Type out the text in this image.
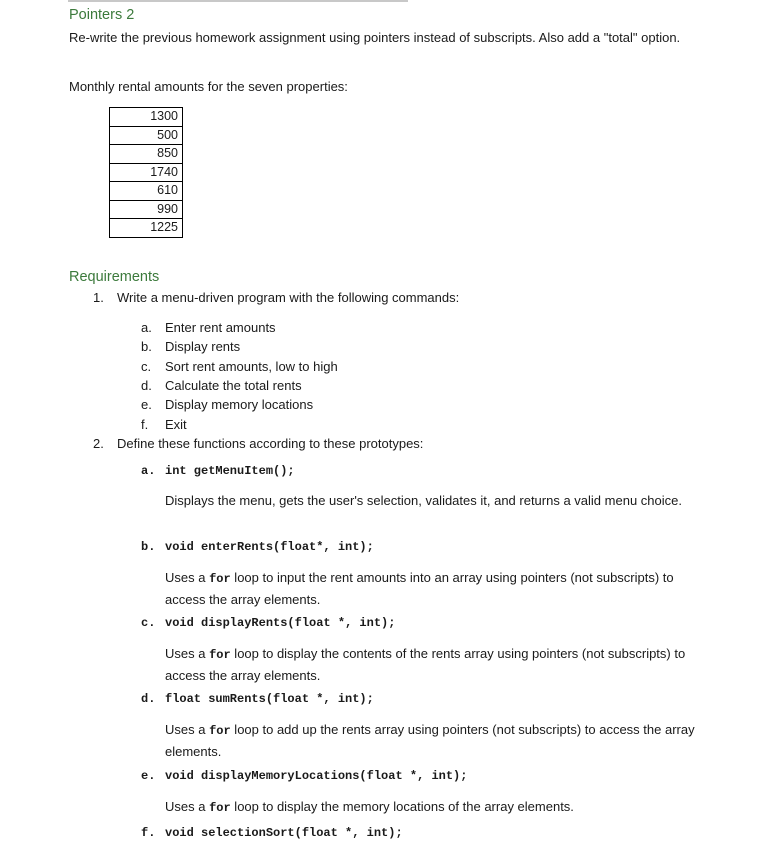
Pointers 2
Re-write the previous homework assignment using pointers instead of subscripts. Also add a "total" option.
Monthly rental amounts for the seven properties:
1300
500
850
1740
610
990
1225
Requirements
1. Write a menu-driven program with the following commands:
a. Enter rent amounts
b. Display rents
c. Sort rent amounts, low to high
d. Calculate the total rents
e. Display memory locations
f. Exit
2. Define these functions according to these prototypes:
a. int getMenuItem();
Displays the menu, gets the user's selection, validates it, and returns a valid menu choice.
b. void enterRents(float*, int);
Uses a for loop to input the rent amounts into an array using pointers (not subscripts) to access the array elements.
c. void displayRents(float *, int);
Uses a for loop to display the contents of the rents array using pointers (not subscripts) to access the array elements.
d. float sumRents(float *, int);
Uses a for loop to add up the rents array using pointers (not subscripts) to access the array elements.
e. void displayMemoryLocations(float *, int);
Uses a for loop to display the memory locations of the array elements.
f. void selectionSort(float *, int);
